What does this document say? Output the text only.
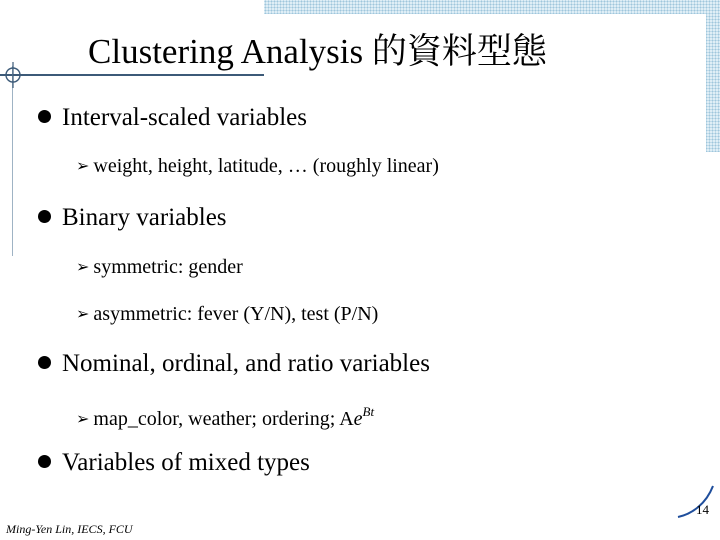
Clustering Analysis 的資料型態
Interval-scaled variables
➢ weight, height, latitude, … (roughly linear)
Binary variables
➢ symmetric: gender
➢ asymmetric: fever (Y/N), test (P/N)
Nominal, ordinal, and ratio variables
➢ map_color, weather; ordering; $Ae^{Bt}$
Variables of mixed types
14
Ming-Yen Lin, IECS, FCU
